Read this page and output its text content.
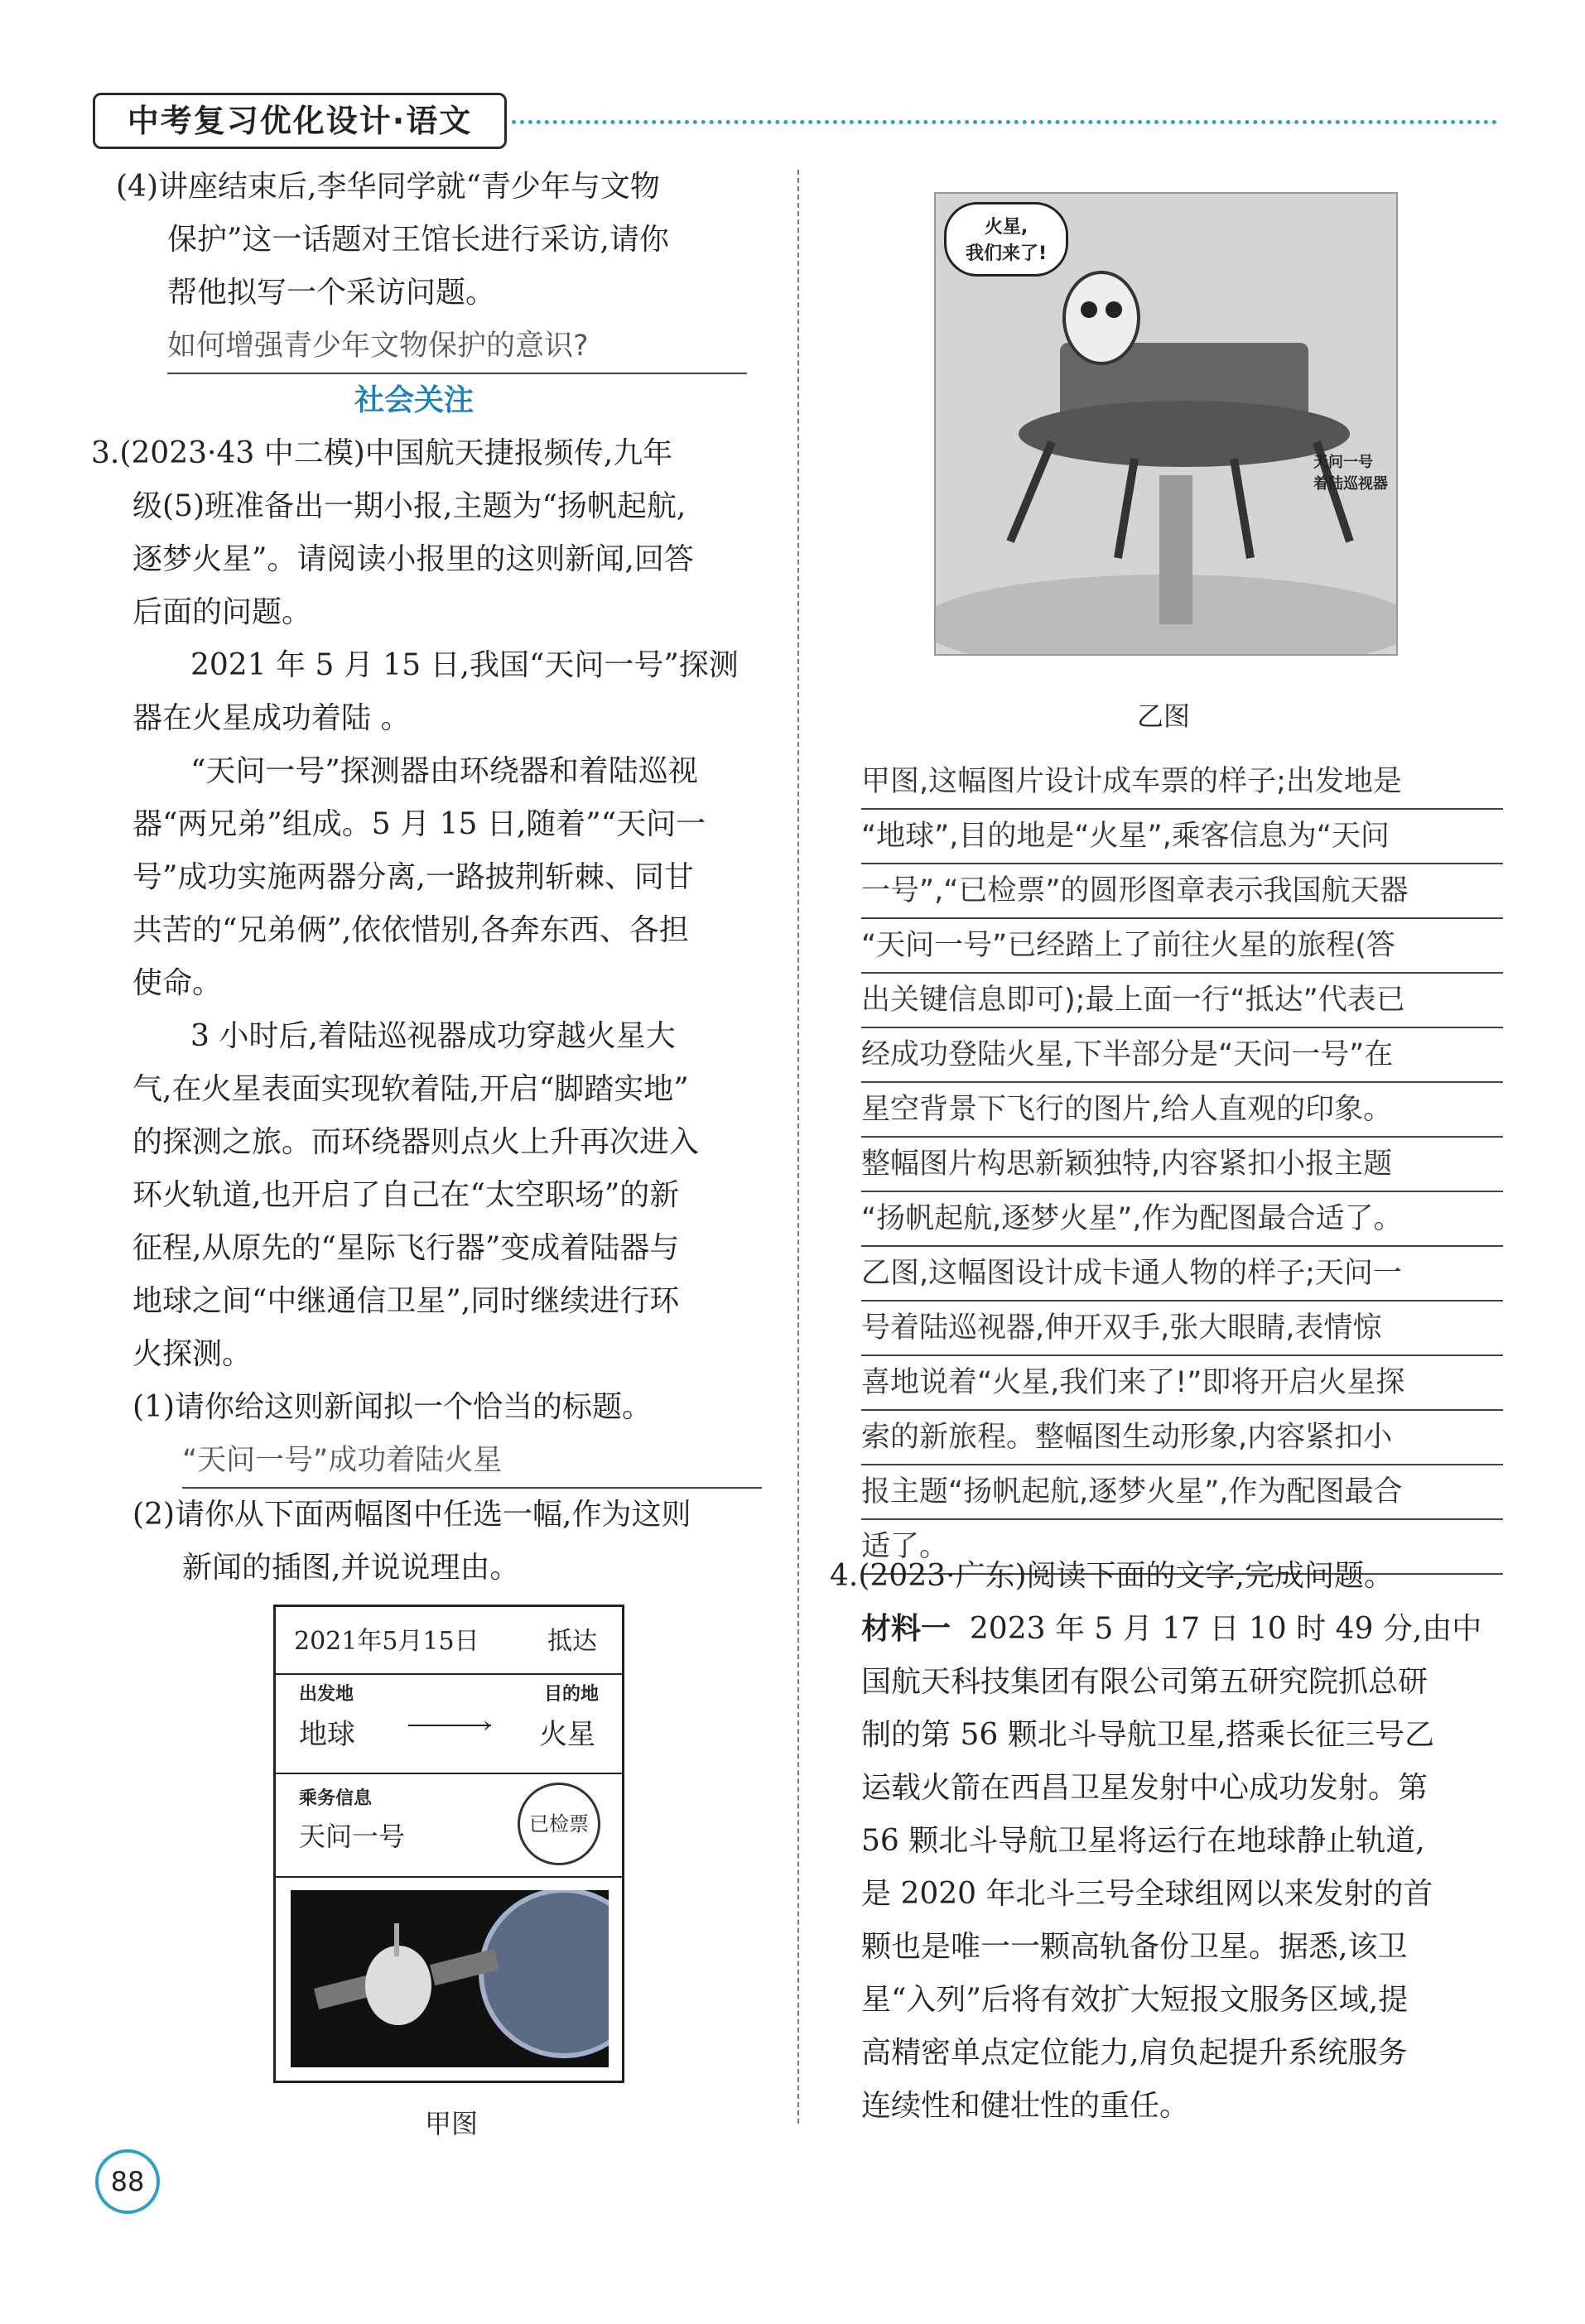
中考复习优化设计·语文

(4)讲座结束后,李华同学就“青少年与文物

保护”这一话题对王馆长进行采访,请你

帮他拟写一个采访问题。

如何增强青少年文物保护的意识?

社会关注

3.(2023·43 中二模)中国航天捷报频传,九年

级(5)班准备出一期小报,主题为“扬帆起航,

逐梦火星”。请阅读小报里的这则新闻,回答

后面的问题。

2021 年 5 月 15 日,我国“天问一号”探测

器在火星成功着陆 。

“天问一号”探测器由环绕器和着陆巡视

器“两兄弟”组成。5 月 15 日,随着”“天问一

号”成功实施两器分离,一路披荆斩棘、同甘

共苦的“兄弟俩”,依依惜别,各奔东西、各担

使命。

3 小时后,着陆巡视器成功穿越火星大

气,在火星表面实现软着陆,开启“脚踏实地”

的探测之旅。而环绕器则点火上升再次进入

环火轨道,也开启了自己在“太空职场”的新

征程,从原先的“星际飞行器”变成着陆器与

地球之间“中继通信卫星”,同时继续进行环

火探测。

(1)请你给这则新闻拟一个恰当的标题。

“天问一号”成功着陆火星

(2)请你从下面两幅图中任选一幅,作为这则

新闻的插图,并说说理由。

2021年5月15日	抵达
出发地	目的地
地球	› 火星
乘务信息
天问一号	已检票
甲图
火星,
我们来了!
天问一号
着陆巡视器
乙图
甲图,这幅图片设计成车票的样子;出发地是
“地球”,目的地是“火星”,乘客信息为“天问
一号”,“已检票”的圆形图章表示我国航天器
“天问一号”已经踏上了前往火星的旅程(答
出关键信息即可);最上面一行“抵达”代表已
经成功登陆火星,下半部分是“天问一号”在
星空背景下飞行的图片,给人直观的印象。
整幅图片构思新颖独特,内容紧扣小报主题
“扬帆起航,逐梦火星”,作为配图最合适了。
乙图,这幅图设计成卡通人物的样子;天问一
号着陆巡视器,伸开双手,张大眼睛,表情惊
喜地说着“火星,我们来了!”即将开启火星探
索的新旅程。整幅图生动形象,内容紧扣小
报主题“扬帆起航,逐梦火星”,作为配图最合
适了。

4.(2023·广东)阅读下面的文字,完成问题。

材料一 2023 年 5 月 17 日 10 时 49 分,由中

国航天科技集团有限公司第五研究院抓总研

制的第 56 颗北斗导航卫星,搭乘长征三号乙

运载火箭在西昌卫星发射中心成功发射。第

56 颗北斗导航卫星将运行在地球静止轨道,

是 2020 年北斗三号全球组网以来发射的首

颗也是唯一一颗高轨备份卫星。据悉,该卫

星“入列”后将有效扩大短报文服务区域,提

高精密单点定位能力,肩负起提升系统服务

连续性和健壮性的重任。

88
